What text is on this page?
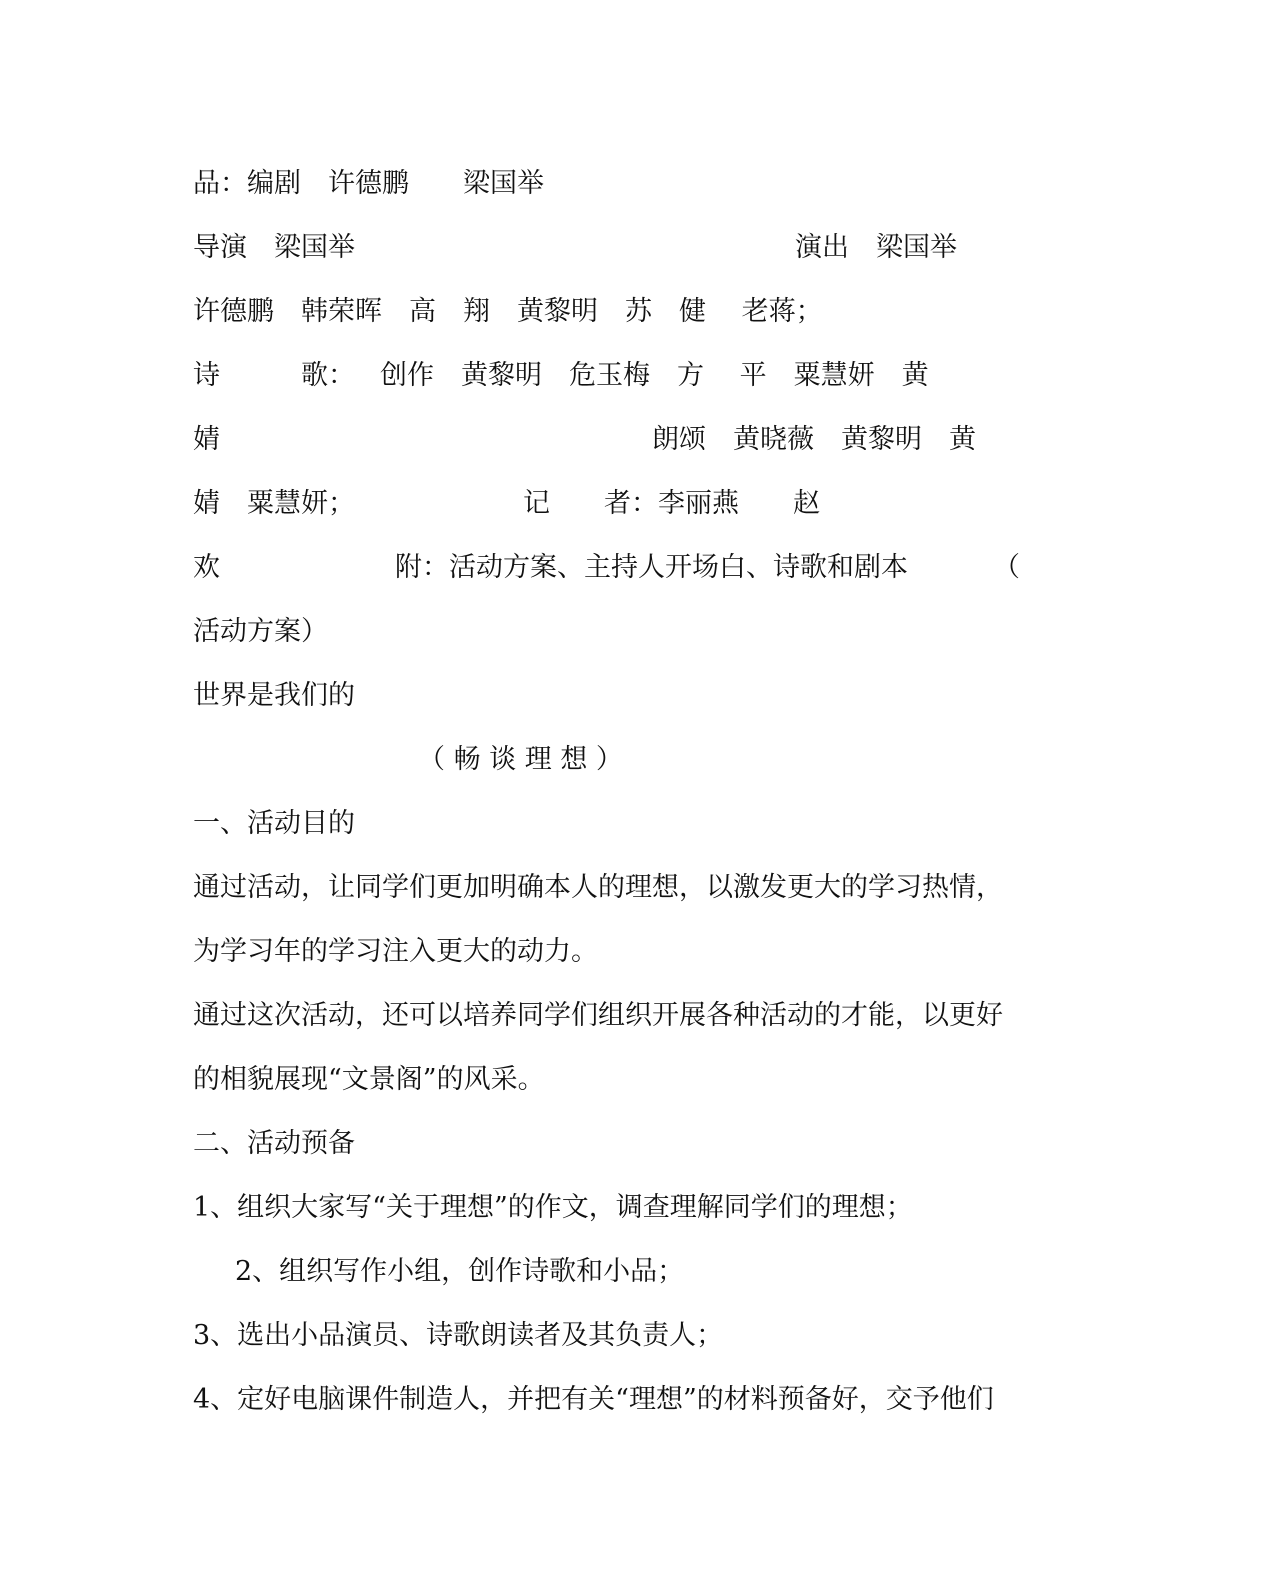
品：编剧　许德鹏　　梁国举

导演　梁国举	演出　梁国举

许德鹏　韩荣晖　高　翔　黄黎明　苏　健　 老蒋；

诗　　　歌： 创作　黄黎明　危玉梅　方　 平　粟慧妍　黄

婧	朗颂　黄晓薇　黄黎明　黄

婧　粟慧妍；	记　　者：李丽燕　　赵

欢	附：活动方案、主持人开场白、诗歌和剧本	（

活动方案）

世界是我们的

（ 畅 谈 理 想 ）

一、活动目的

通过活动，让同学们更加明确本人的理想，以激发更大的学习热情，

为学习年的学习注入更大的动力。

通过这次活动，还可以培养同学们组织开展各种活动的才能，以更好

的相貌展现“文景阁”的风采。

二、活动预备

1、组织大家写“关于理想”的作文，调查理解同学们的理想；

2、组织写作小组，创作诗歌和小品；

3、选出小品演员、诗歌朗读者及其负责人；

4、定好电脑课件制造人，并把有关“理想”的材料预备好，交予他们
